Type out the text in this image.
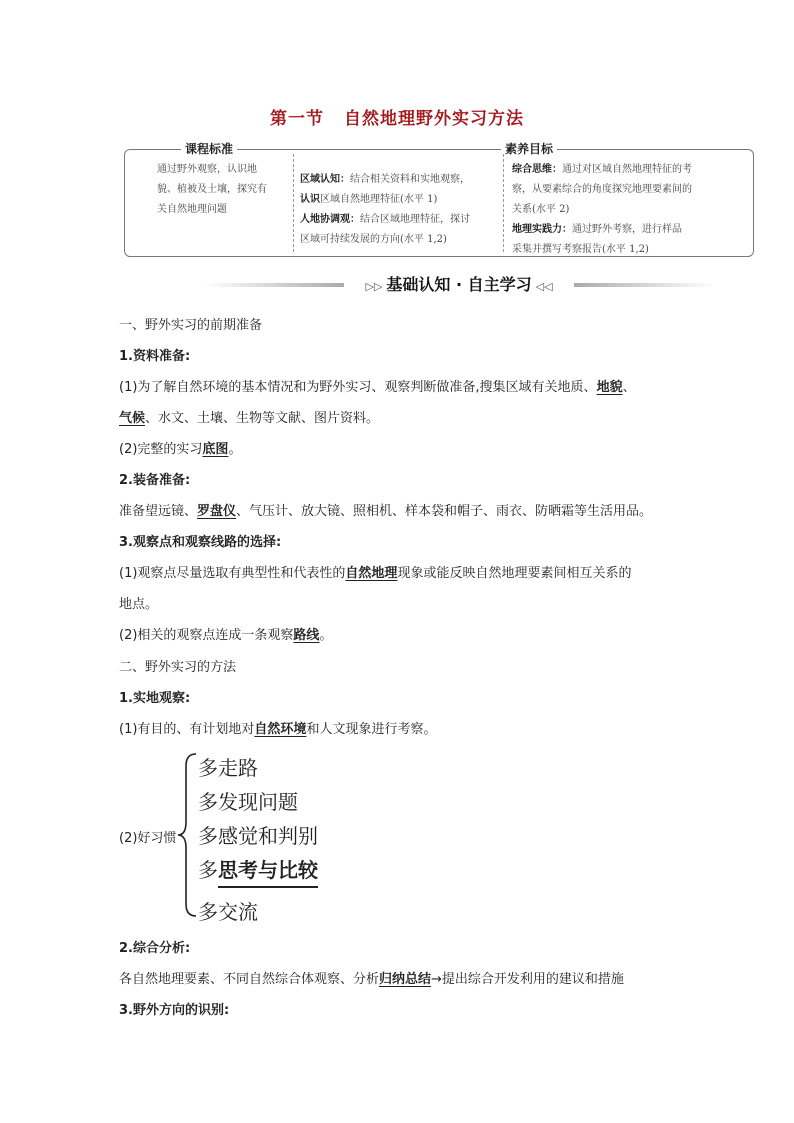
第一节 自然地理野外实习方法
课程标准	素养目标
通过野外观察，认识地
貌、植被及土壤，探究有
关自然地理问题
区域认知：结合相关资料和实地观察，
认识区域自然地理特征(水平 1)
人地协调观：结合区域地理特征，探讨
区域可持续发展的方向(水平 1,2)
综合思维：通过对区域自然地理特征的考
察，从要素综合的角度探究地理要素间的
关系(水平 2)
地理实践力：通过野外考察，进行样品
采集并撰写考察报告(水平 1,2)
▷▷ 基础认知 · 自主学习 ◁◁
一、野外实习的前期准备
1.资料准备:
(1)为了解自然环境的基本情况和为野外实习、观察判断做准备,搜集区域有关地质、地貌、
气候、水文、土壤、生物等文献、图片资料。
(2)完整的实习底图。
2.装备准备:
准备望远镜、罗盘仪、气压计、放大镜、照相机、样本袋和帽子、雨衣、防晒霜等生活用品。
3.观察点和观察线路的选择:
(1)观察点尽量选取有典型性和代表性的自然地理现象或能反映自然地理要素间相互关系的
地点。
(2)相关的观察点连成一条观察路线。
二、野外实习的方法
1.实地观察:
(1)有目的、有计划地对自然环境和人文现象进行考察。
(2)好习惯
多走路
多发现问题
多感觉和判别
多思考与比较
多交流
2.综合分析:
各自然地理要素、不同自然综合体观察、分析归纳总结→提出综合开发利用的建议和措施
3.野外方向的识别:
